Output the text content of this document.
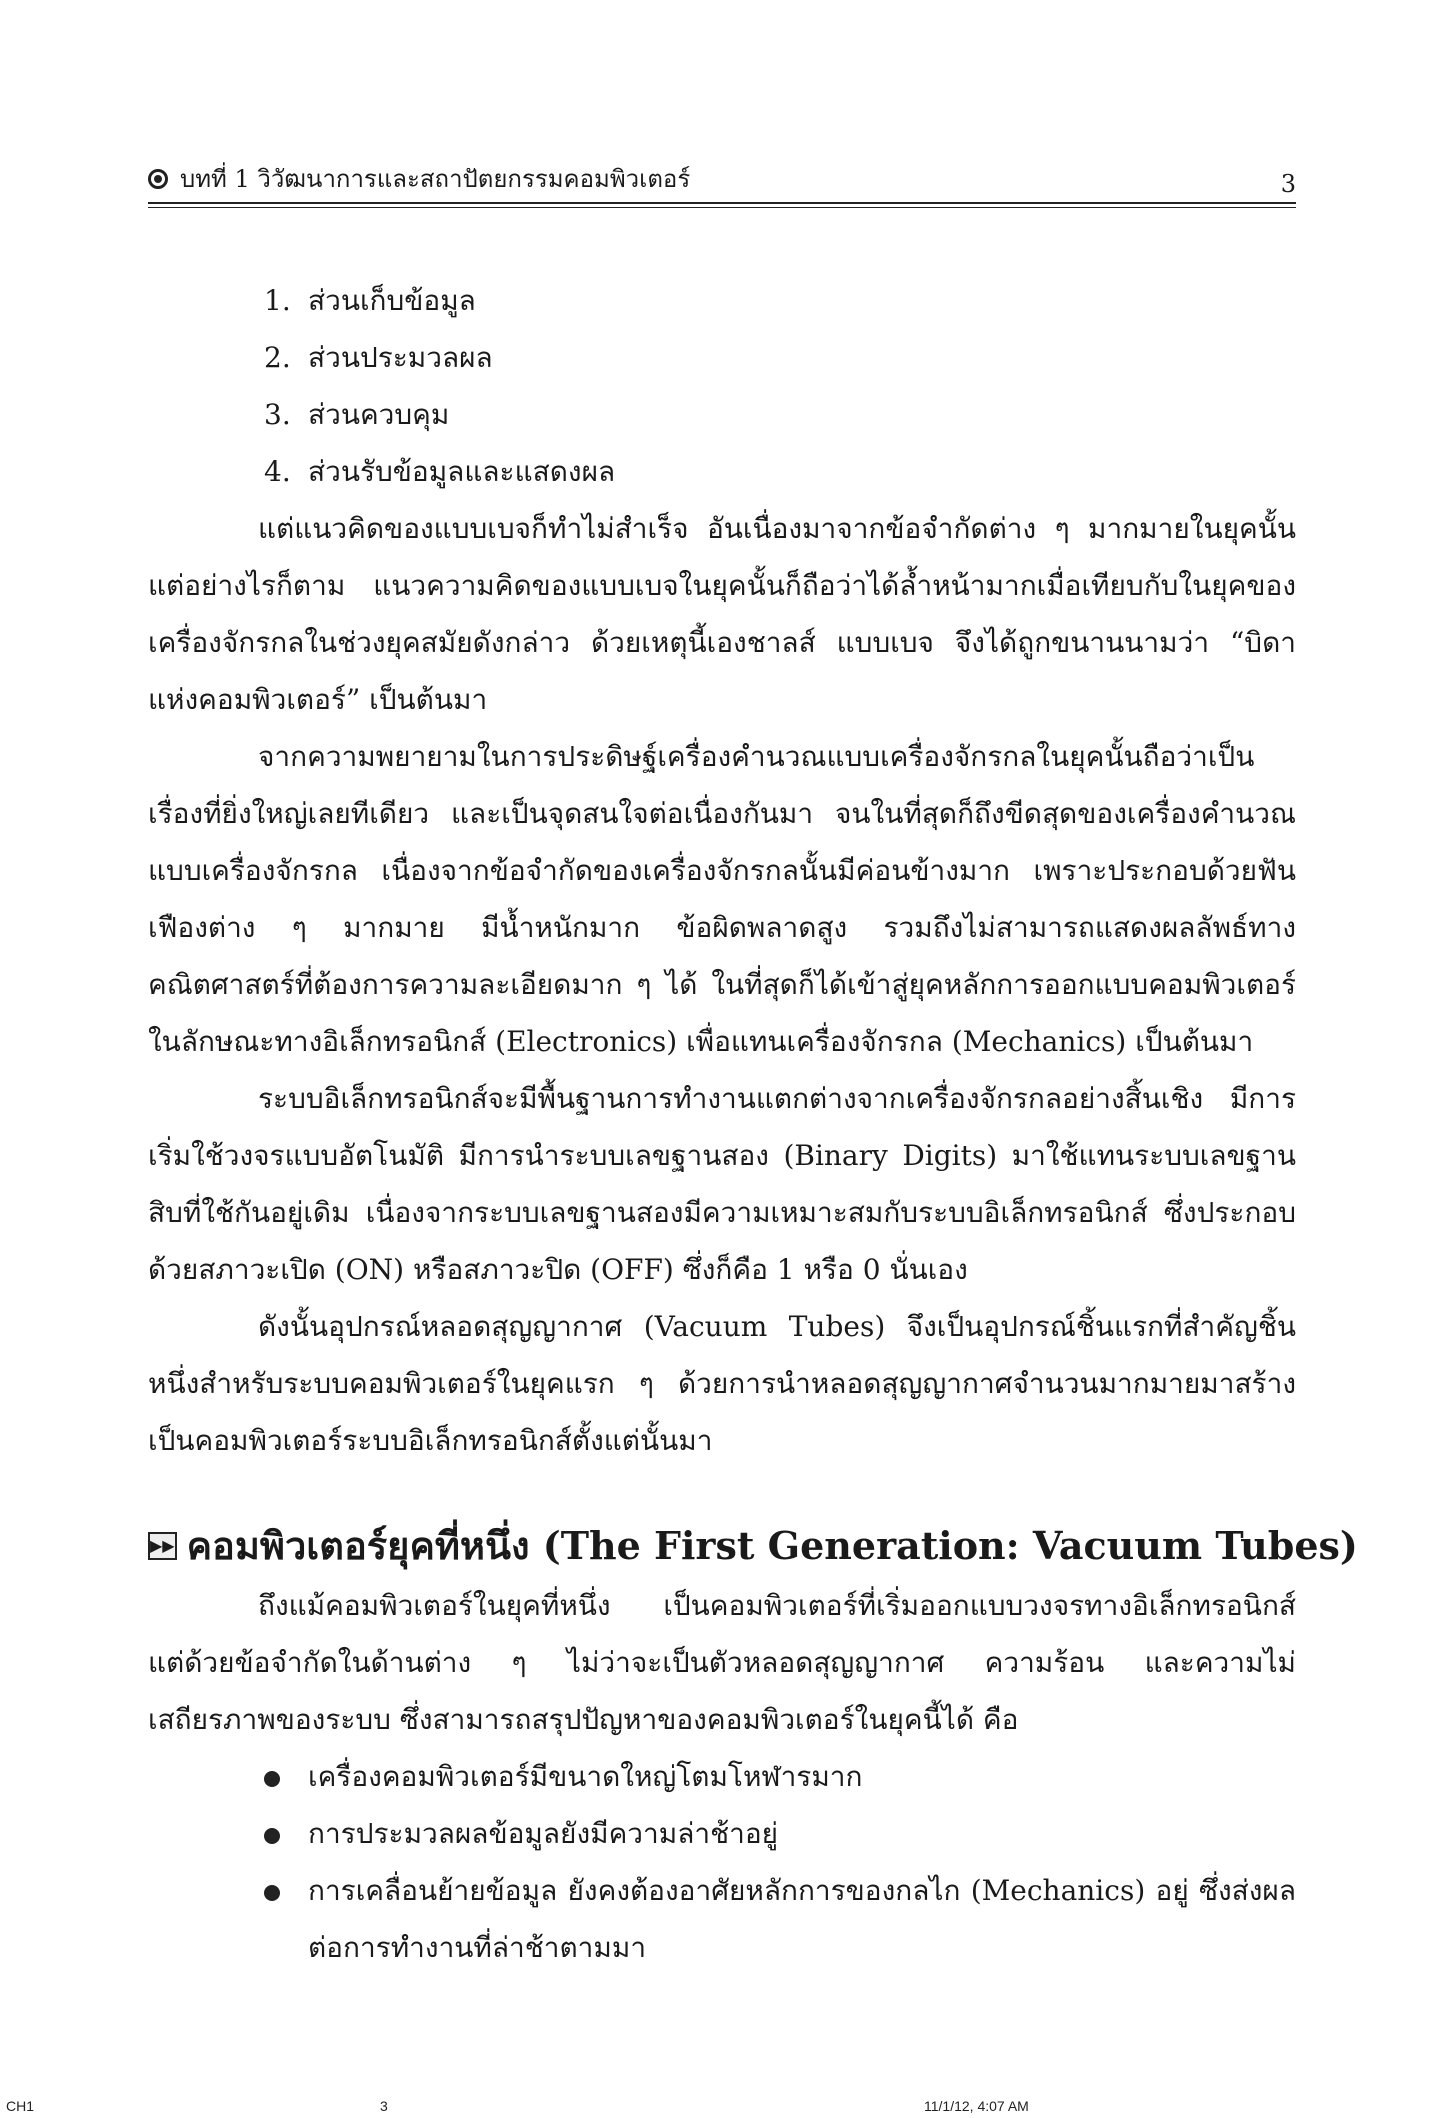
บทที่ 1 วิวัฒนาการและสถาปัตยกรรมคอมพิวเตอร์	3
1. ส่วนเก็บข้อมูล
2. ส่วนประมวลผล
3. ส่วนควบคุม
4. ส่วนรับข้อมูลและแสดงผล

แต่แนวคิดของแบบเบจก็ทำไม่สำเร็จ อันเนื่องมาจากข้อจำกัดต่าง ๆ มากมายในยุคนั้น แต่อย่างไรก็ตาม แนวความคิดของแบบเบจในยุคนั้นก็ถือว่าได้ล้ำหน้ามากเมื่อเทียบกับในยุคของเครื่องจักรกลในช่วงยุคสมัยดังกล่าว ด้วยเหตุนี้เองชาลส์ แบบเบจ จึงได้ถูกขนานนามว่า “บิดาแห่งคอมพิวเตอร์” เป็นต้นมา

จากความพยายามในการประดิษฐ์เครื่องคำนวณแบบเครื่องจักรกลในยุคนั้นถือว่าเป็นเรื่องที่ยิ่งใหญ่เลยทีเดียว และเป็นจุดสนใจต่อเนื่องกันมา จนในที่สุดก็ถึงขีดสุดของเครื่องคำนวณแบบเครื่องจักรกล เนื่องจากข้อจำกัดของเครื่องจักรกลนั้นมีค่อนข้างมาก เพราะประกอบด้วยฟันเฟืองต่าง ๆ มากมาย มีน้ำหนักมาก ข้อผิดพลาดสูง รวมถึงไม่สามารถแสดงผลลัพธ์ทางคณิตศาสตร์ที่ต้องการความละเอียดมาก ๆ ได้ ในที่สุดก็ได้เข้าสู่ยุคหลักการออกแบบคอมพิวเตอร์ในลักษณะทางอิเล็กทรอนิกส์ (Electronics) เพื่อแทนเครื่องจักรกล (Mechanics) เป็นต้นมา

ระบบอิเล็กทรอนิกส์จะมีพื้นฐานการทำงานแตกต่างจากเครื่องจักรกลอย่างสิ้นเชิง มีการเริ่มใช้วงจรแบบอัตโนมัติ มีการนำระบบเลขฐานสอง (Binary Digits) มาใช้แทนระบบเลขฐานสิบที่ใช้กันอยู่เดิม เนื่องจากระบบเลขฐานสองมีความเหมาะสมกับระบบอิเล็กทรอนิกส์ ซึ่งประกอบด้วยสภาวะเปิด (ON) หรือสภาวะปิด (OFF) ซึ่งก็คือ 1 หรือ 0 นั่นเอง

ดังนั้นอุปกรณ์หลอดสุญญากาศ (Vacuum Tubes) จึงเป็นอุปกรณ์ชิ้นแรกที่สำคัญชิ้นหนึ่งสำหรับระบบคอมพิวเตอร์ในยุคแรก ๆ ด้วยการนำหลอดสุญญากาศจำนวนมากมายมาสร้างเป็นคอมพิวเตอร์ระบบอิเล็กทรอนิกส์ตั้งแต่นั้นมา

▶▶ คอมพิวเตอร์ยุคที่หนึ่ง (The First Generation: Vacuum Tubes)

ถึงแม้คอมพิวเตอร์ในยุคที่หนึ่ง เป็นคอมพิวเตอร์ที่เริ่มออกแบบวงจรทางอิเล็กทรอนิกส์ แต่ด้วยข้อจำกัดในด้านต่าง ๆ ไม่ว่าจะเป็นตัวหลอดสุญญากาศ ความร้อน และความไม่เสถียรภาพของระบบ ซึ่งสามารถสรุปปัญหาของคอมพิวเตอร์ในยุคนี้ได้ คือ

เครื่องคอมพิวเตอร์มีขนาดใหญ่โตมโหฬารมาก
การประมวลผลข้อมูลยังมีความล่าช้าอยู่
การเคลื่อนย้ายข้อมูล ยังคงต้องอาศัยหลักการของกลไก (Mechanics) อยู่ ซึ่งส่งผลต่อการทำงานที่ล่าช้าตามมา
CH1	3	11/1/12, 4:07 AM
